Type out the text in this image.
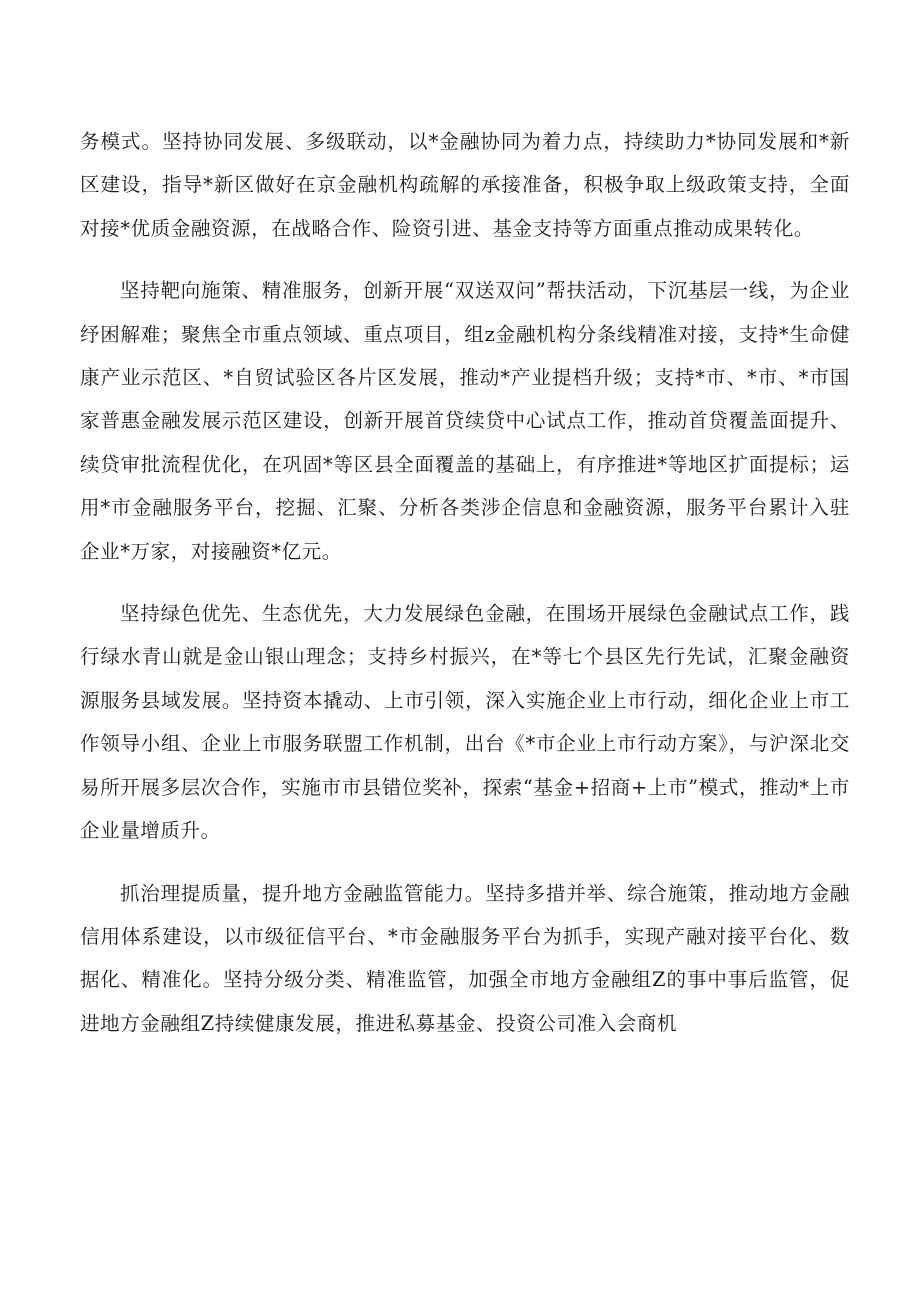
务模式。坚持协同发展、多级联动，以*金融协同为着力点，持续助力*协同发展和*新区建设，指导*新区做好在京金融机构疏解的承接准备，积极争取上级政策支持，全面对接*优质金融资源，在战略合作、险资引进、基金支持等方面重点推动成果转化。

坚持靶向施策、精准服务，创新开展“双送双问”帮扶活动，下沉基层一线，为企业纾困解难；聚焦全市重点领域、重点项目，组z金融机构分条线精准对接，支持*生命健康产业示范区、*自贸试验区各片区发展，推动*产业提档升级；支持*市、*市、*市国家普惠金融发展示范区建设，创新开展首贷续贷中心试点工作，推动首贷覆盖面提升、续贷审批流程优化，在巩固*等区县全面覆盖的基础上，有序推进*等地区扩面提标；运用*市金融服务平台，挖掘、汇聚、分析各类涉企信息和金融资源，服务平台累计入驻企业*万家，对接融资*亿元。

坚持绿色优先、生态优先，大力发展绿色金融，在围场开展绿色金融试点工作，践行绿水青山就是金山银山理念；支持乡村振兴，在*等七个县区先行先试，汇聚金融资源服务县域发展。坚持资本撬动、上市引领，深入实施企业上市行动，细化企业上市工作领导小组、企业上市服务联盟工作机制，出台《*市企业上市行动方案》，与沪深北交易所开展多层次合作，实施市市县错位奖补，探索“基金+招商+上市”模式，推动*上市企业量增质升。

抓治理提质量，提升地方金融监管能力。坚持多措并举、综合施策，推动地方金融信用体系建设，以市级征信平台、*市金融服务平台为抓手，实现产融对接平台化、数据化、精准化。坚持分级分类、精准监管，加强全市地方金融组Z的事中事后监管，促进地方金融组Z持续健康发展，推进私募基金、投资公司准入会商机
